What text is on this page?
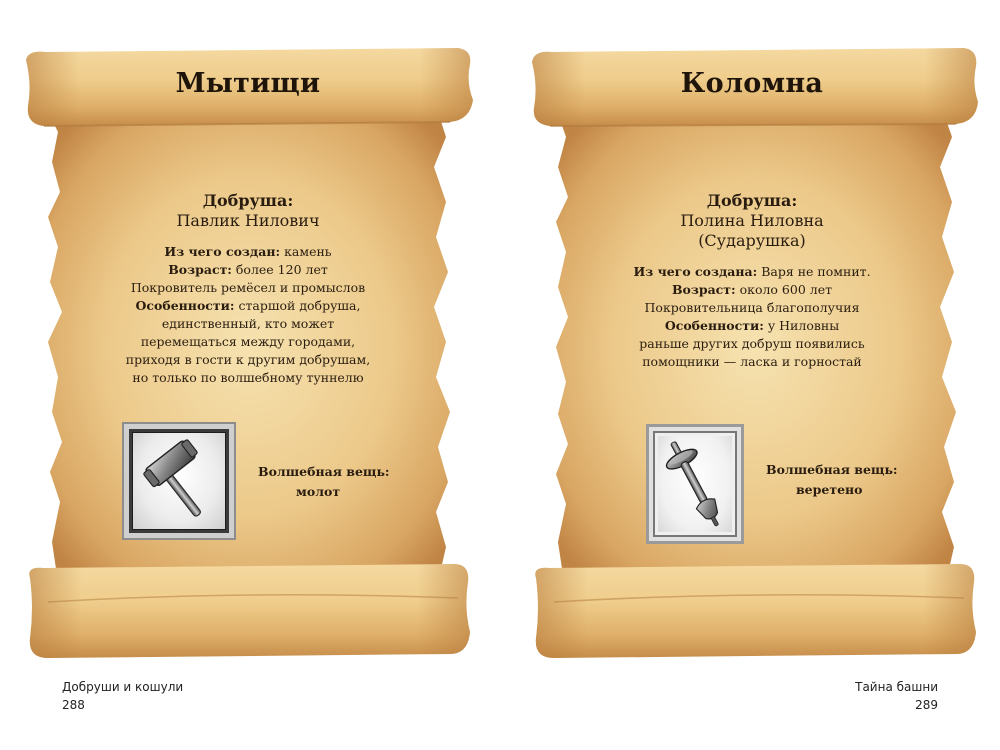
Мытищи
Добруша:
Павлик Нилович
Из чего создан: камень
Возраст: более 120 лет
Покровитель ремёсел и промыслов
Особенности: старшой добруша,
единственный, кто может
перемещаться между городами,
приходя в гости к другим добрушам,
но только по волшебному туннелю
Волшебная вещь:
молот
Добруши и кошули
288
Коломна
Добруша:
Полина Ниловна
(Сударушка)
Из чего создана: Варя не помнит.
Возраст: около 600 лет
Покровительница благополучия
Особенности: у Ниловны
раньше других добруш появились
помощники — ласка и горностай
Волшебная вещь:
веретено
Тайна башни
289
